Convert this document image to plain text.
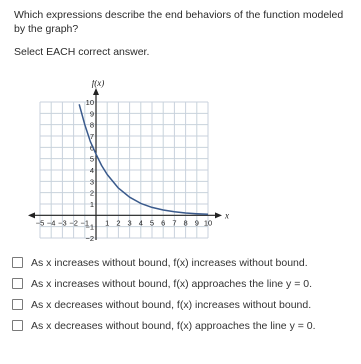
Which expressions describe the end behaviors of the function modeled by the graph?

Select EACH correct answer.

f(x)
x
−5 −4 −3 −2 −1 1 2 3 4 5 6 7 8 9 10
10
9
8
7
6
5
4
3
2
1
−1
−2
As x increases without bound, f(x) increases without bound.
As x increases without bound, f(x) approaches the line y = 0.
As x decreases without bound, f(x) increases without bound.
As x decreases without bound, f(x) approaches the line y = 0.
